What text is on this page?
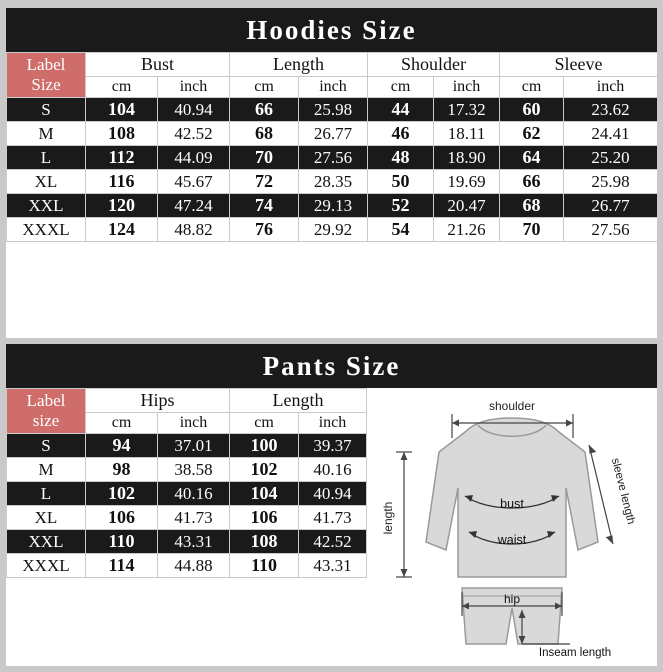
Hoodies Size
Label
Size	Bust		Length		Shoulder		Sleeve	
	cm	inch	cm	inch	cm	inch	cm	inch
S	104	40.94	66	25.98	44	17.32	60	23.62
M	108	42.52	68	26.77	46	18.11	62	24.41
L	112	44.09	70	27.56	48	18.90	64	25.20
XL	116	45.67	72	28.35	50	19.69	66	25.98
XXL	120	47.24	74	29.13	52	20.47	68	26.77
XXXL	124	48.82	76	29.92	54	21.26	70	27.56
Pants Size
Label
size	Hips		Length	
	cm	inch	cm	inch
S	94	37.01	100	39.37
M	98	38.58	102	40.16
L	102	40.16	104	40.94
XL	106	41.73	106	41.73
XXL	110	43.31	108	42.52
XXXL	114	44.88	110	43.31
shoulder
length	sleeve length
bust
waist
hip
Inseam length
